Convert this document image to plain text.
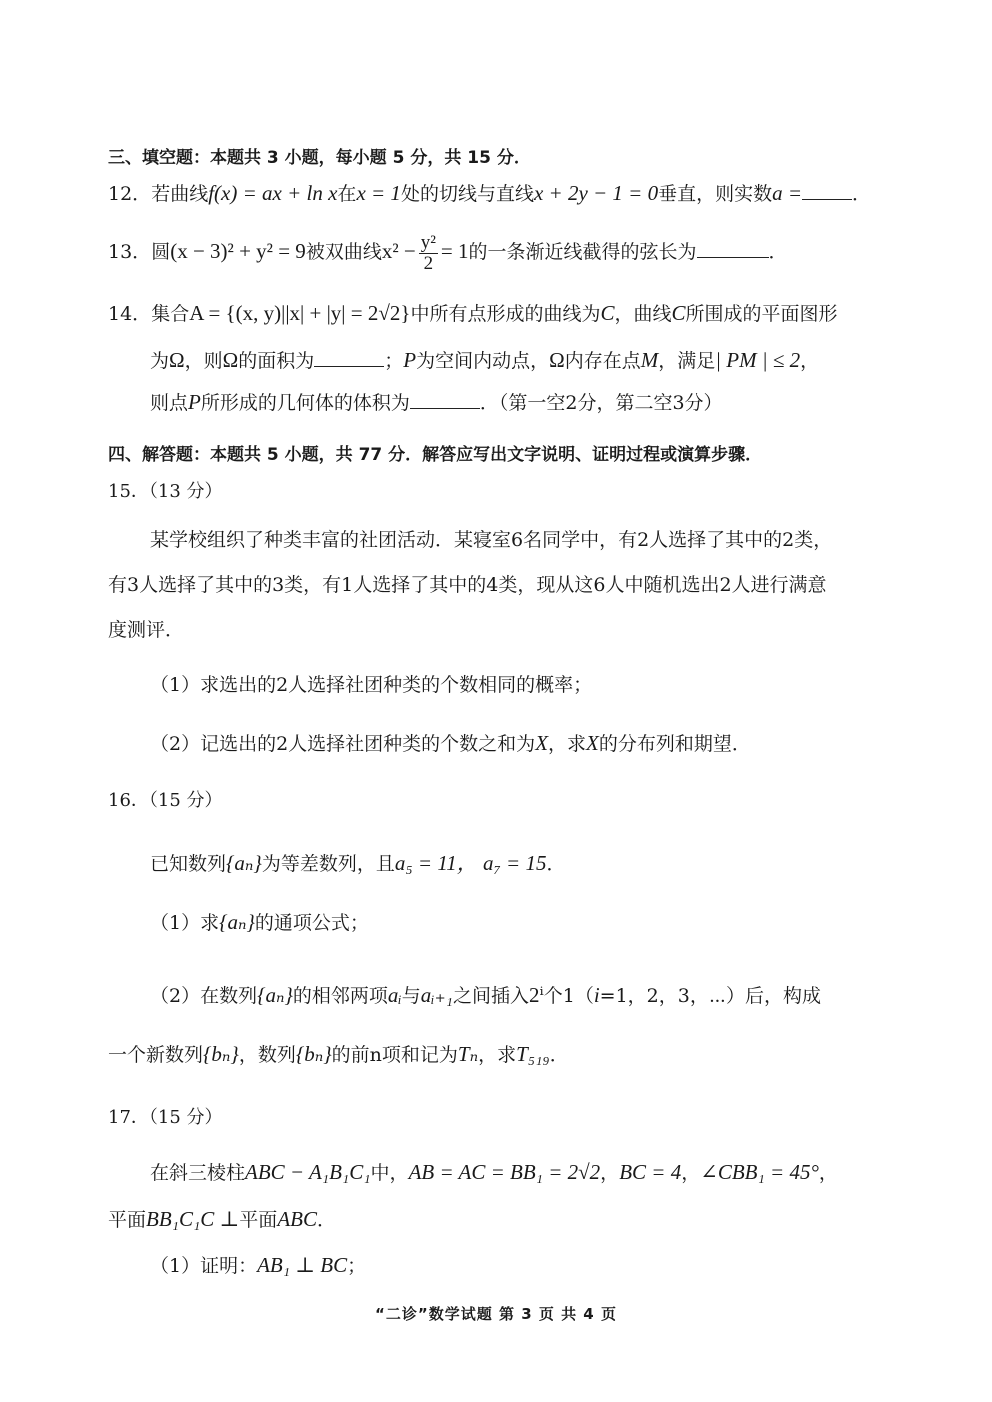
三、填空题：本题共 3 小题，每小题 5 分，共 15 分．
12．若曲线f(x) = ax + ln x在x = 1处的切线与直线x + 2y − 1 = 0垂直，则实数a =	．
13．圆(x − 3)² + y² = 9被双曲线$x^2 - \frac{\text{y²}}{2} = 1$的一条渐近线截得的弦长为	．
14．集合A = {(x, y)||x| + |y| = 2√2}中所有点形成的曲线为C，曲线C所围成的平面图形
为Ω，则Ω的面积为	；P为空间内动点，Ω内存在点M，满足| PM | ≤ 2，
则点P所形成的几何体的体积为	．（第一空2分，第二空3分）
四、解答题：本题共 5 小题，共 77 分．解答应写出文字说明、证明过程或演算步骤．
15．（13 分）
某学校组织了种类丰富的社团活动．某寝室6名同学中，有2人选择了其中的2类，
有3人选择了其中的3类，有1人选择了其中的4类，现从这6人中随机选出2人进行满意
度测评．
（1）求选出的2人选择社团种类的个数相同的概率；
（2）记选出的2人选择社团种类的个数之和为X，求X的分布列和期望．
16．（15 分）
已知数列{aₙ}为等差数列，且a₅ = 11， a₇ = 15．
（1）求{aₙ}的通项公式；
（2）在数列{aₙ}的相邻两项aᵢ与aᵢ₊₁之间插入2ⁱ个1（i=1，2，3，⋯）后，构成
一个新数列{bₙ}，数列{bₙ}的前n项和记为Tₙ，求T₅₁₉．
17．（15 分）
在斜三棱柱ABC − A₁B₁C₁中，AB = AC = BB₁ = 2√2，BC = 4，∠CBB₁ = 45°，
平面BB₁C₁C ⊥平面ABC．
（1）证明：AB₁ ⊥ BC；
“二诊”数学试题 第 3 页 共 4 页
